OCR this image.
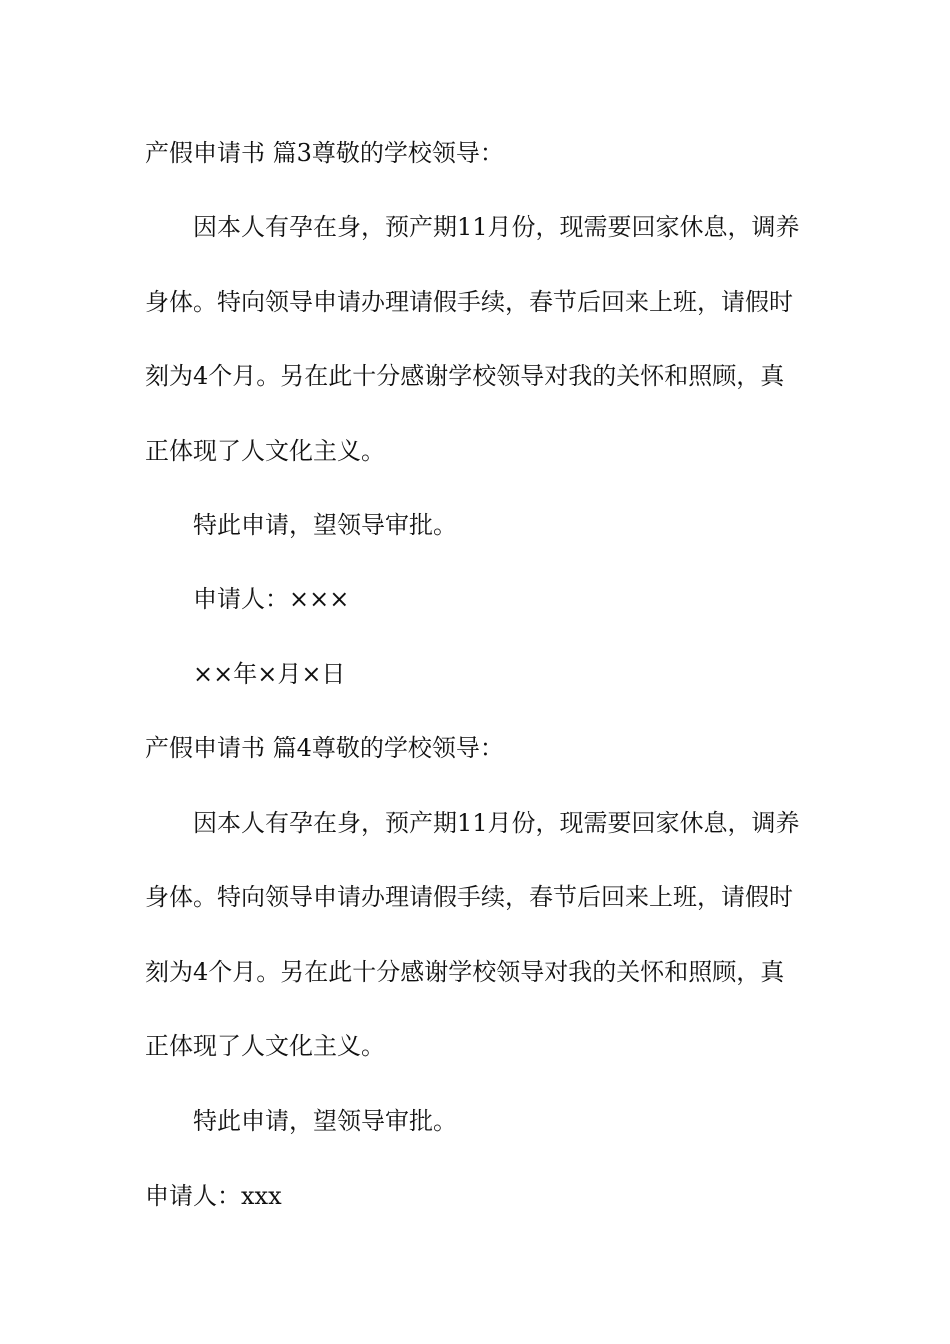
产假申请书 篇3尊敬的学校领导：

因本人有孕在身，预产期11月份，现需要回家休息，调养

身体。特向领导申请办理请假手续，春节后回来上班，请假时

刻为4个月。另在此十分感谢学校领导对我的关怀和照顾，真

正体现了人文化主义。

特此申请，望领导审批。

申请人：×××

××年×月×日

产假申请书 篇4尊敬的学校领导：

因本人有孕在身，预产期11月份，现需要回家休息，调养

身体。特向领导申请办理请假手续，春节后回来上班，请假时

刻为4个月。另在此十分感谢学校领导对我的关怀和照顾，真

正体现了人文化主义。

特此申请，望领导审批。

申请人：xxx
